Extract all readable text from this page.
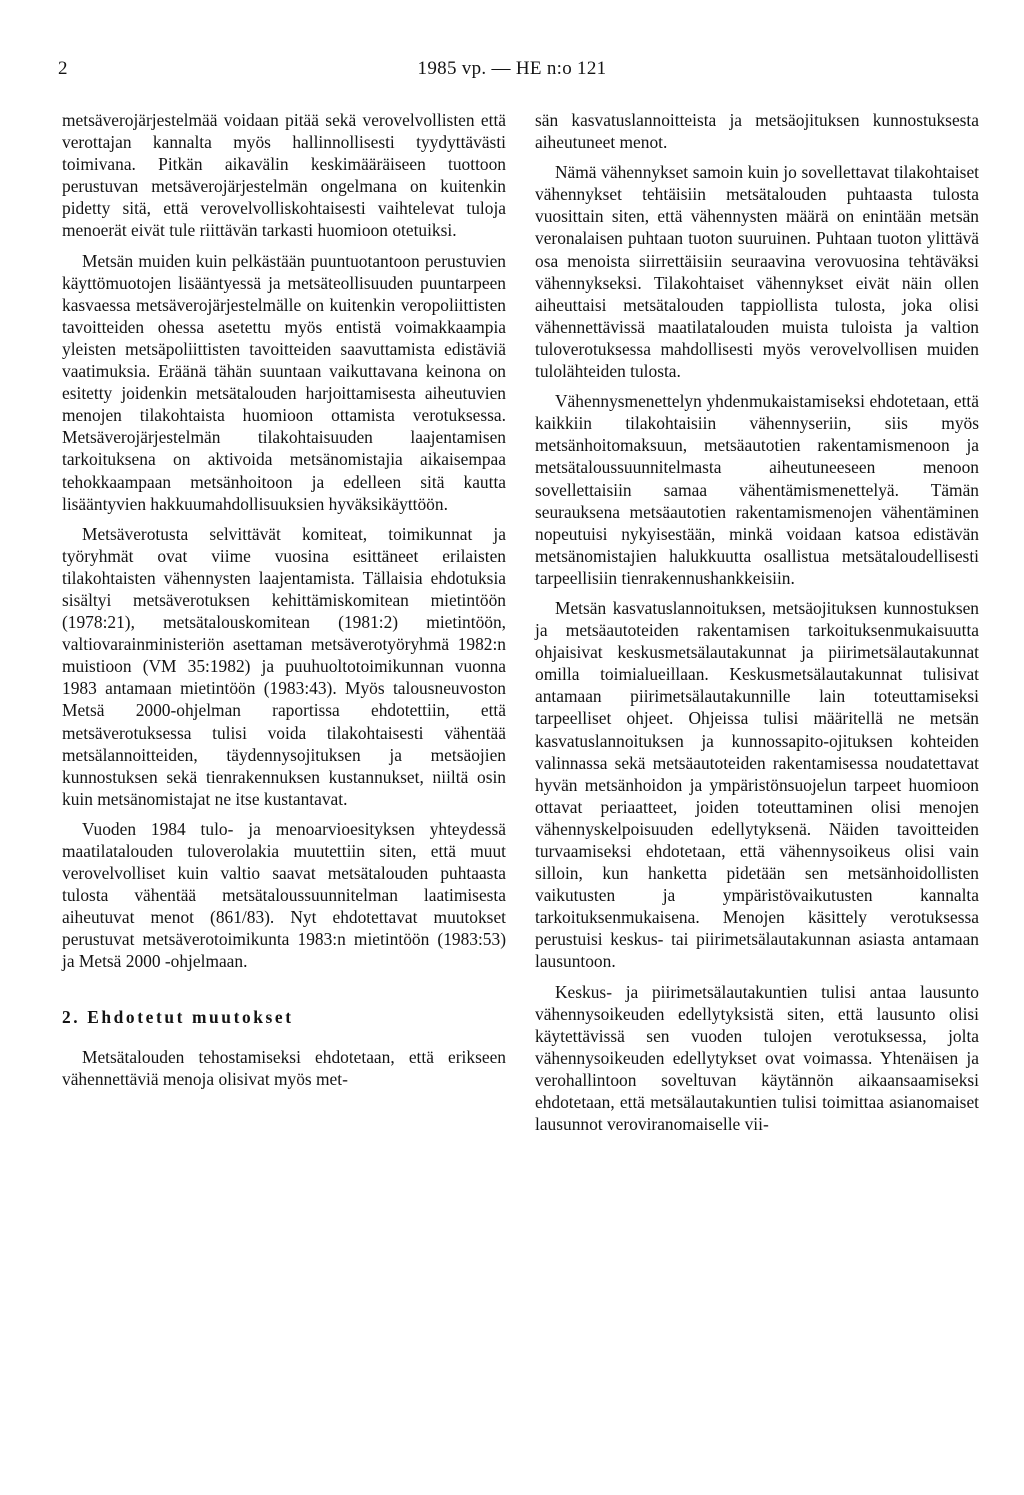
2	1985 vp. — HE n:o 121

metsäverojärjestelmää voidaan pitää sekä verovelvollisten että verottajan kannalta myös hallinnollisesti tyydyttävästi toimivana. Pitkän aikavälin keskimääräiseen tuottoon perustuvan metsäverojärjestelmän ongelmana on kuitenkin pidetty sitä, että verovelvolliskohtaisesti vaihtelevat tuloja menoerät eivät tule riittävän tarkasti huomioon otetuiksi.

Metsän muiden kuin pelkästään puuntuotantoon perustuvien käyttömuotojen lisääntyessä ja metsäteollisuuden puuntarpeen kasvaessa metsäverojärjestelmälle on kuitenkin veropoliittisten tavoitteiden ohessa asetettu myös entistä voimakkaampia yleisten metsäpoliittisten tavoitteiden saavuttamista edistäviä vaatimuksia. Eräänä tähän suuntaan vaikuttavana keinona on esitetty joidenkin metsätalouden harjoittamisesta aiheutuvien menojen tilakohtaista huomioon ottamista verotuksessa. Metsäverojärjestelmän tilakohtaisuuden laajentamisen tarkoituksena on aktivoida metsänomistajia aikaisempaa tehokkaampaan metsänhoitoon ja edelleen sitä kautta lisääntyvien hakkuumahdollisuuksien hyväksikäyttöön.

Metsäverotusta selvittävät komiteat, toimikunnat ja työryhmät ovat viime vuosina esittäneet erilaisten tilakohtaisten vähennysten laajentamista. Tällaisia ehdotuksia sisältyi metsäverotuksen kehittämiskomitean mietintöön (1978:21), metsätalouskomitean (1981:2) mietintöön, valtiovarainministeriön asettaman metsäverotyöryhmä 1982:n muistioon (VM 35:1982) ja puuhuoltotoimikunnan vuonna 1983 antamaan mietintöön (1983:43). Myös talousneuvoston Metsä 2000-ohjelman raportissa ehdotettiin, että metsäverotuksessa tulisi voida tilakohtaisesti vähentää metsälannoitteiden, täydennysojituksen ja metsäojien kunnostuksen sekä tienrakennuksen kustannukset, niiltä osin kuin metsänomistajat ne itse kustantavat.

Vuoden 1984 tulo- ja menoarvioesityksen yhteydessä maatilatalouden tuloverolakia muutettiin siten, että muut verovelvolliset kuin valtio saavat metsätalouden puhtaasta tulosta vähentää metsätaloussuunnitelman laatimisesta aiheutuvat menot (861/83). Nyt ehdotettavat muutokset perustuvat metsäverotoimikunta 1983:n mietintöön (1983:53) ja Metsä 2000 -ohjelmaan.

2. Ehdotetut muutokset

Metsätalouden tehostamiseksi ehdotetaan, että erikseen vähennettäviä menoja olisivat myös met-

sän kasvatuslannoitteista ja metsäojituksen kunnostuksesta aiheutuneet menot.

Nämä vähennykset samoin kuin jo sovellettavat tilakohtaiset vähennykset tehtäisiin metsätalouden puhtaasta tulosta vuosittain siten, että vähennysten määrä on enintään metsän veronalaisen puhtaan tuoton suuruinen. Puhtaan tuoton ylittävä osa menoista siirrettäisiin seuraavina verovuosina tehtäväksi vähennykseksi. Tilakohtaiset vähennykset eivät näin ollen aiheuttaisi metsätalouden tappiollista tulosta, joka olisi vähennettävissä maatilatalouden muista tuloista ja valtion tuloverotuksessa mahdollisesti myös verovelvollisen muiden tulolähteiden tulosta.

Vähennysmenettelyn yhdenmukaistamiseksi ehdotetaan, että kaikkiin tilakohtaisiin vähennyseriin, siis myös metsänhoitomaksuun, metsäautotien rakentamismenoon ja metsätaloussuunnitelmasta aiheutuneeseen menoon sovellettaisiin samaa vähentämismenettelyä. Tämän seurauksena metsäautotien rakentamismenojen vähentäminen nopeutuisi nykyisestään, minkä voidaan katsoa edistävän metsänomistajien halukkuutta osallistua metsätaloudellisesti tarpeellisiin tienrakennushankkeisiin.

Metsän kasvatuslannoituksen, metsäojituksen kunnostuksen ja metsäautoteiden rakentamisen tarkoituksenmukaisuutta ohjaisivat keskusmetsälautakunnat ja piirimetsälautakunnat omilla toimialueillaan. Keskusmetsälautakunnat tulisivat antamaan piirimetsälautakunnille lain toteuttamiseksi tarpeelliset ohjeet. Ohjeissa tulisi määritellä ne metsän kasvatuslannoituksen ja kunnossapito-ojituksen kohteiden valinnassa sekä metsäautoteiden rakentamisessa noudatettavat hyvän metsänhoidon ja ympäristönsuojelun tarpeet huomioon ottavat periaatteet, joiden toteuttaminen olisi menojen vähennyskelpoisuuden edellytyksenä. Näiden tavoitteiden turvaamiseksi ehdotetaan, että vähennysoikeus olisi vain silloin, kun hanketta pidetään sen metsänhoidollisten vaikutusten ja ympäristövaikutusten kannalta tarkoituksenmukaisena. Menojen käsittely verotuksessa perustuisi keskus- tai piirimetsälautakunnan asiasta antamaan lausuntoon.

Keskus- ja piirimetsälautakuntien tulisi antaa lausunto vähennysoikeuden edellytyksistä siten, että lausunto olisi käytettävissä sen vuoden tulojen verotuksessa, jolta vähennysoikeuden edellytykset ovat voimassa. Yhtenäisen ja verohallintoon soveltuvan käytännön aikaansaamiseksi ehdotetaan, että metsälautakuntien tulisi toimittaa asianomaiset lausunnot veroviranomaiselle vii-
